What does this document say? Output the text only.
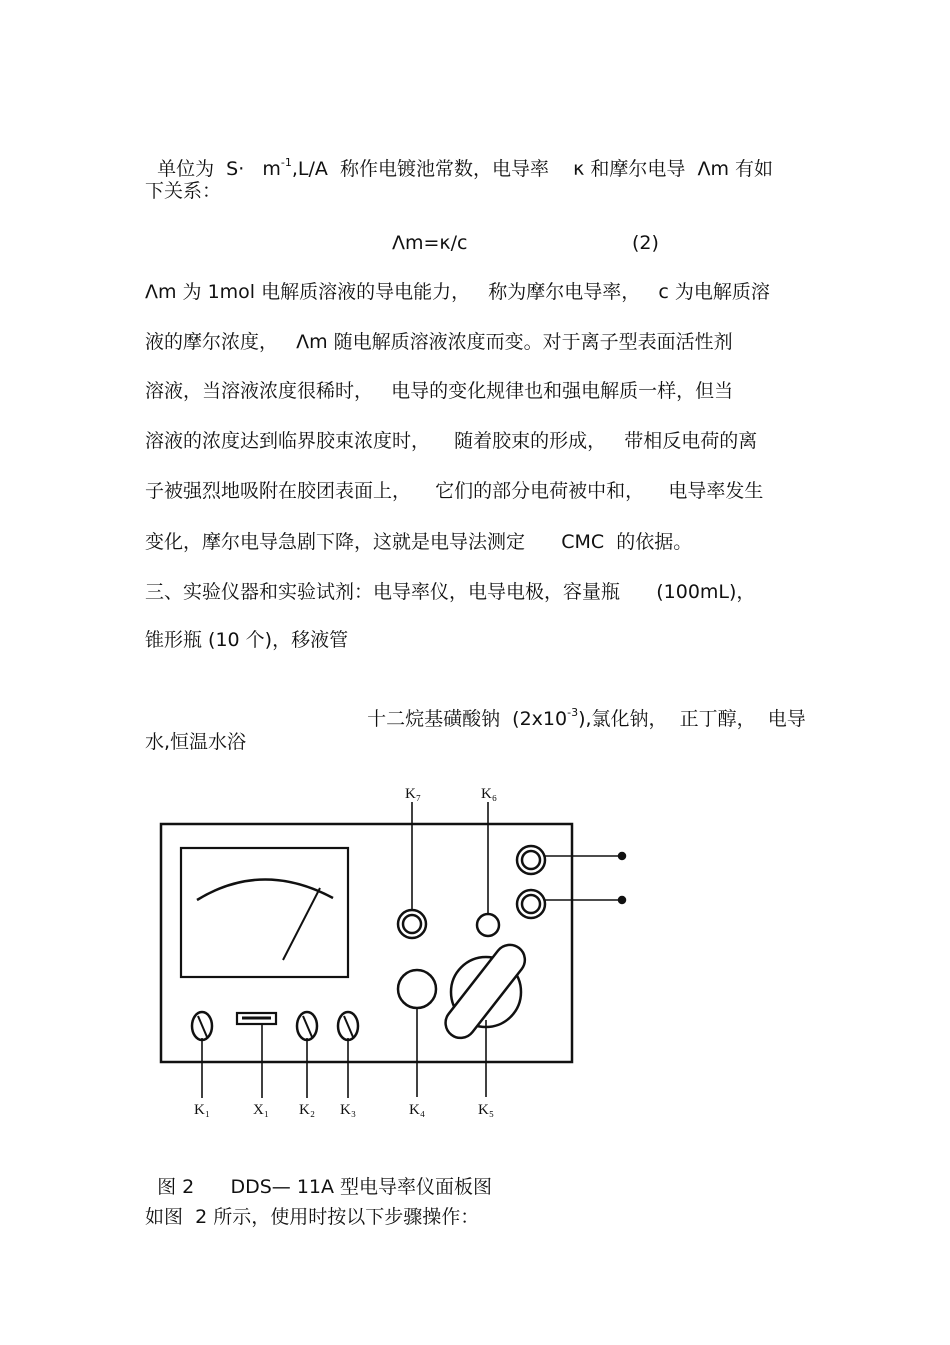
单位为  $S\cdot m^{-1},L/A$  称作电镀池常数，电导率    κ 和摩尔电导  Λm 有如

下关系：
Λm=κ/c	(2)
Λm 为 1mol 电解质溶液的导电能力，   称为摩尔电导率，   c 为电解质溶
液的摩尔浓度，   Λm 随电解质溶液浓度而变。对于离子型表面活性剂
溶液，当溶液浓度很稀时，   电导的变化规律也和强电解质一样，但当
溶液的浓度达到临界胶束浓度时，    随着胶束的形成，   带相反电荷的离
子被强烈地吸附在胶团表面上，    它们的部分电荷被中和，    电导率发生
变化，摩尔电导急剧下降，这就是电导法测定      CMC  的依据。
三、实验仪器和实验试剂：电导率仪，电导电极，容量瓶      (100mL)，
锥形瓶 (10 个)，移液管

十二烷基磺酸钠  $(2x10^{-3})$,氯化钠，  正丁醇，  电导

水,恒温水浴
K₇	K₆
K₁	X₁ K₂ K₃	K₄	K₅

图 2 DDS— 11A 型电导率仪面板图

如图  2 所示，使用时按以下步骤操作：
